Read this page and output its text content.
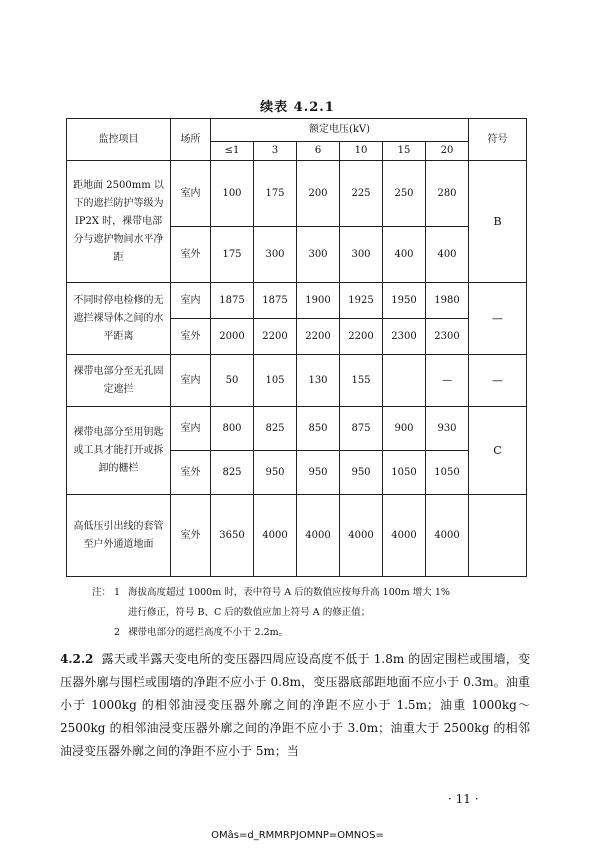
续表 4.2.1
监控项目	场所	额定电压(kV)						符号
		≤1	3	6	10	15	20	
距地面 2500mm 以下的遮拦防护等级为 IP2X 时，裸带电部分与遮护物间水平净距	室内	100	175	200	225	250	280	B
	室外	175	300	300	300	400	400	
不同时停电检修的无遮拦裸导体之间的水平距离	室内	1875	1875	1900	1925	1950	1980	—
	室外	2000	2200	2200	2200	2300	2300	
裸带电部分至无孔固定遮拦	室内	50	105	130	155		—	—
裸带电部分至用钥匙或工具才能打开或拆卸的栅栏	室内	800	825	850	875	900	930	C
	室外	825	950	950	950	1050	1050	
高低压引出线的套管至户外通道地面	室外	3650	4000	4000	4000	4000	4000	
注： 1 海拔高度超过 1000m 时，表中符号 A 后的数值应按每升高 100m 增大 1%
进行修正，符号 B、C 后的数值应加上符号 A 的修正值；
2 裸带电部分的遮拦高度不小于 2.2m。

4.2.2 露天或半露天变电所的变压器四周应设高度不低于 1.8m 的固定围栏或围墙，变压器外廓与围栏或围墙的净距不应小于 0.8m，变压器底部距地面不应小于 0.3m。油重小于 1000kg 的相邻油浸变压器外廓之间的净距不应小于 1.5m；油重 1000kg～2500kg 的相邻油浸变压器外廓之间的净距不应小于 3.0m；油重大于 2500kg 的相邻油浸变压器外廓之间的净距不应小于 5m；当

· 11 ·
OMâs=d_RMMRPJOMNP=OMNOS=
